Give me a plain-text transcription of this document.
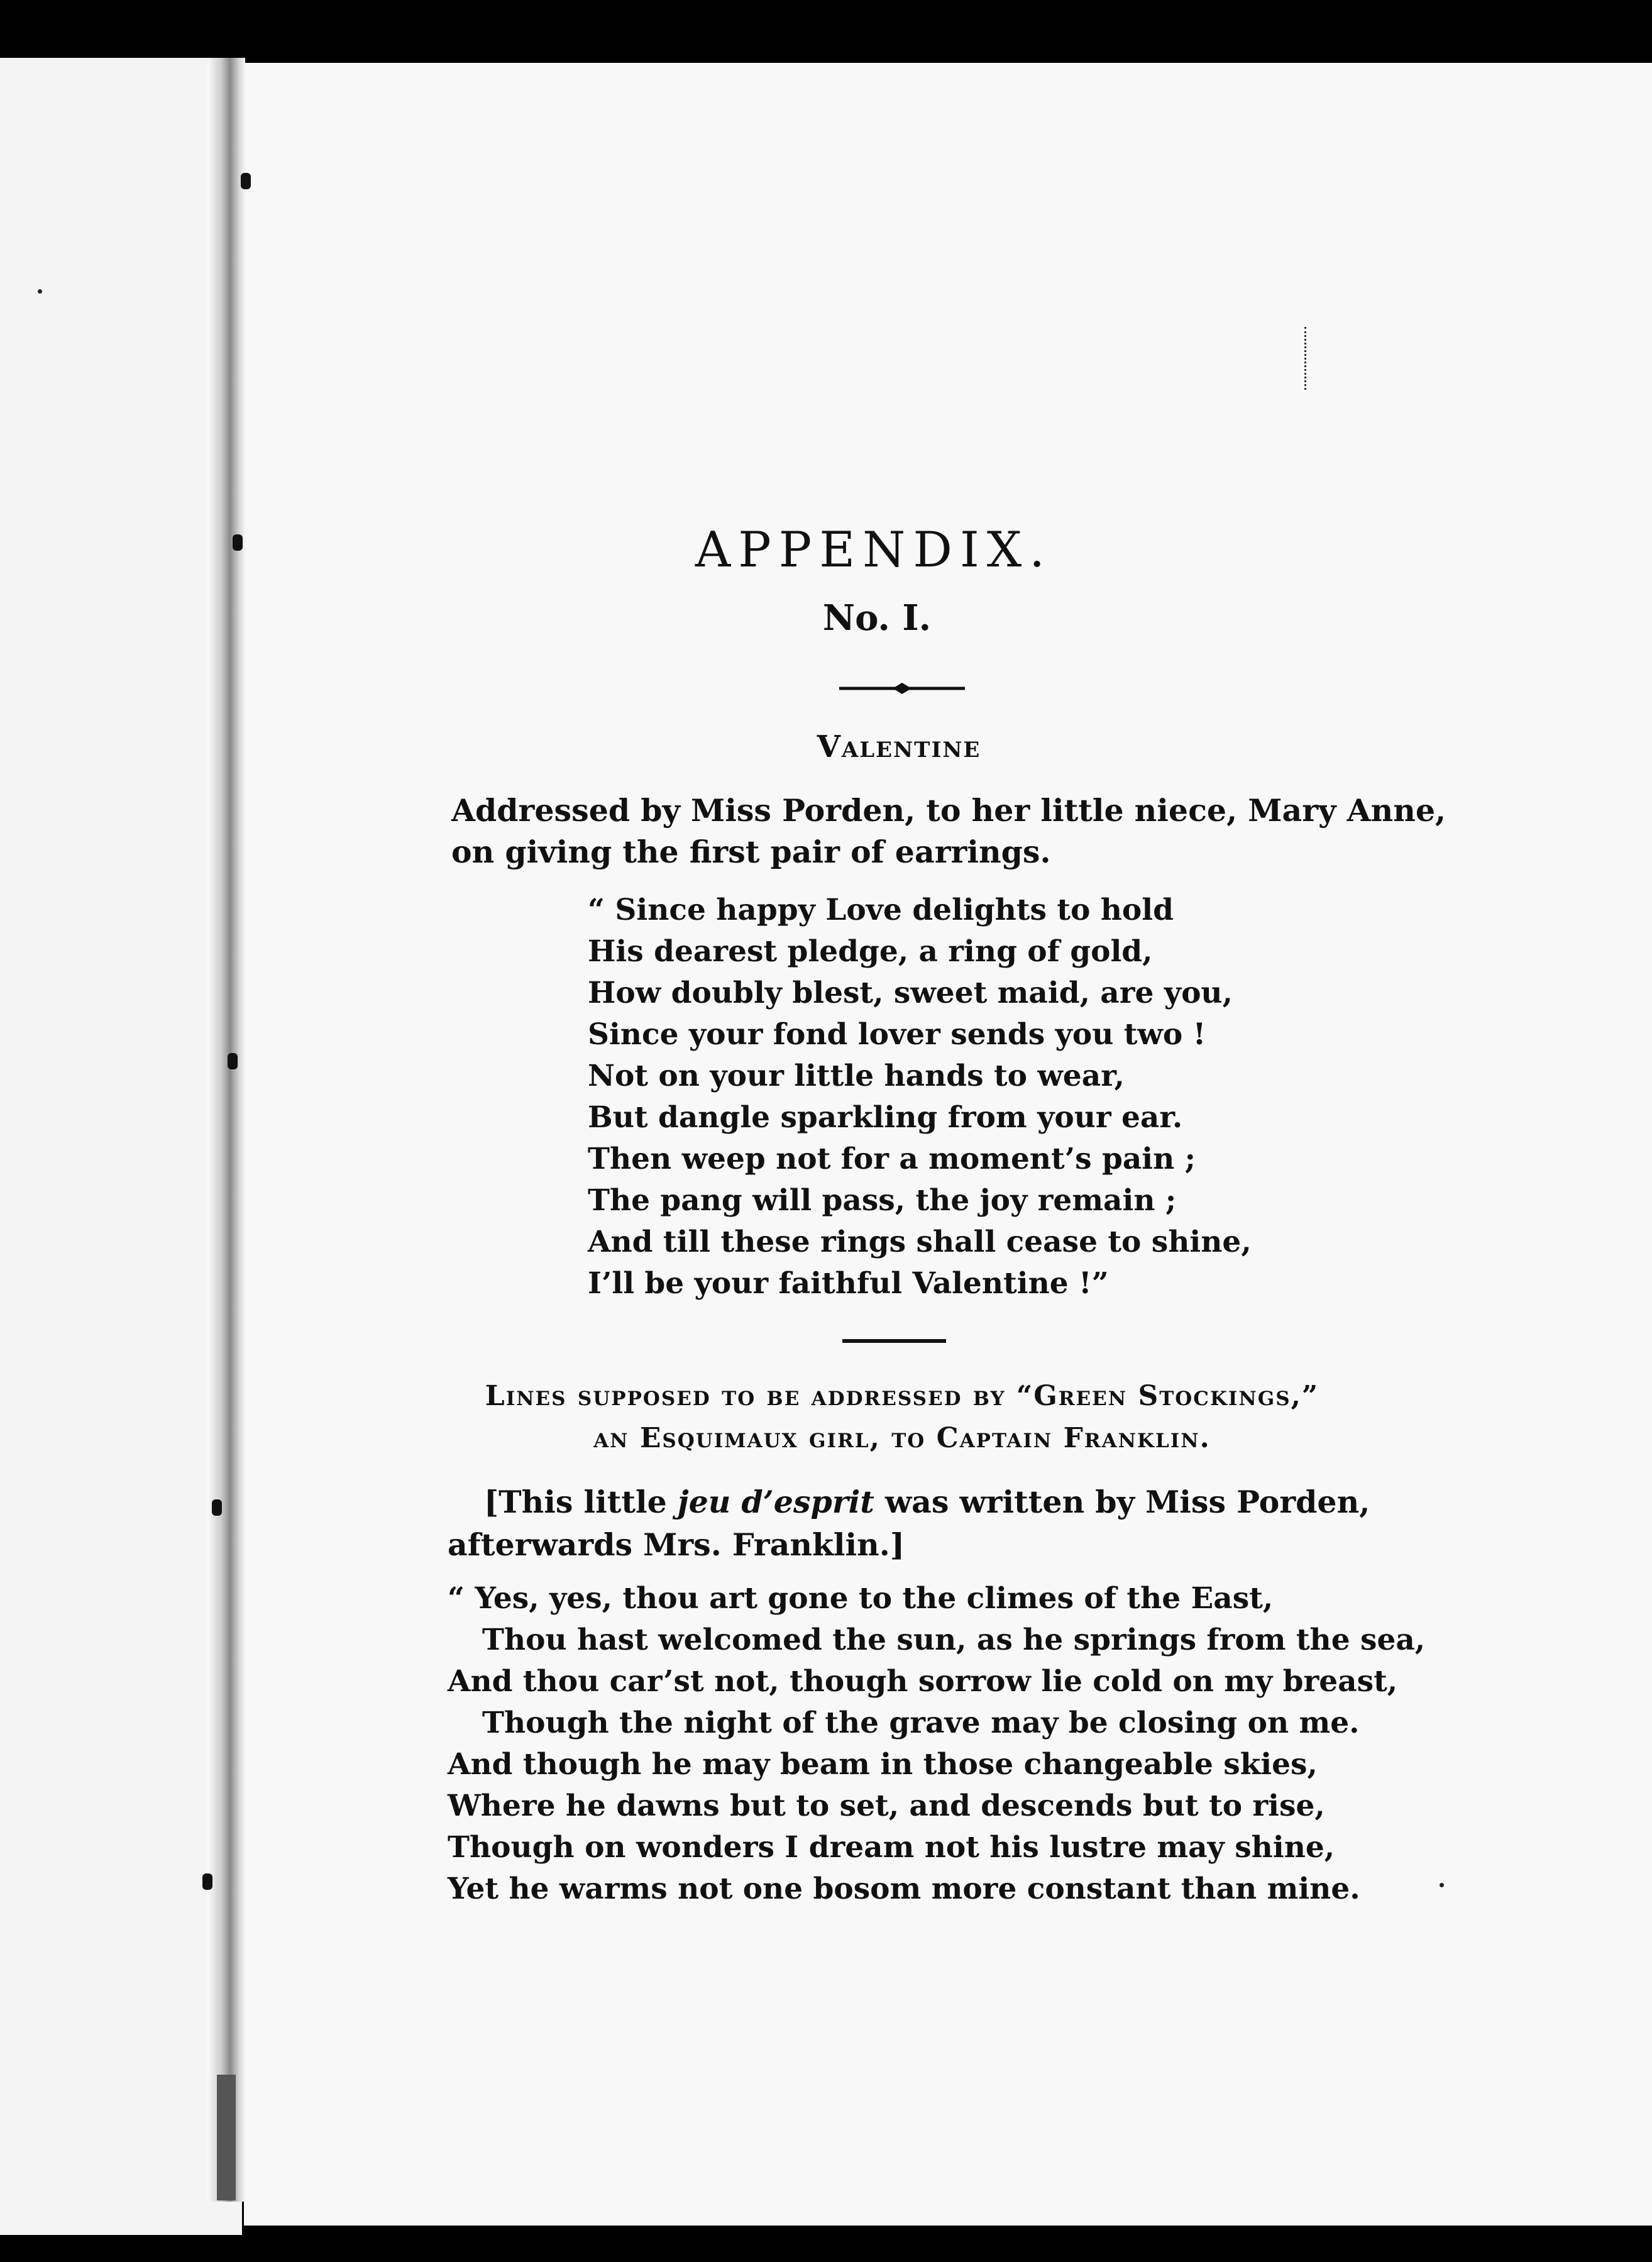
APPENDIX.
No. I.
Valentine
Addressed by Miss Porden, to her little niece, Mary Anne,
on giving the first pair of earrings.
“ Since happy Love delights to hold
His dearest pledge, a ring of gold,
How doubly blest, sweet maid, are you,
Since your fond lover sends you two !
Not on your little hands to wear,
But dangle sparkling from your ear.
Then weep not for a moment’s pain ;
The pang will pass, the joy remain ;
And till these rings shall cease to shine,
I’ll be your faithful Valentine !”
Lines supposed to be addressed by “Green Stockings,”
an Esquimaux girl, to Captain Franklin.
[This little jeu d’esprit was written by Miss Porden,
afterwards Mrs. Franklin.]
“ Yes, yes, thou art gone to the climes of the East,
Thou hast welcomed the sun, as he springs from the sea,
And thou car’st not, though sorrow lie cold on my breast,
Though the night of the grave may be closing on me.
And though he may beam in those changeable skies,
Where he dawns but to set, and descends but to rise,
Though on wonders I dream not his lustre may shine,
Yet he warms not one bosom more constant than mine.
